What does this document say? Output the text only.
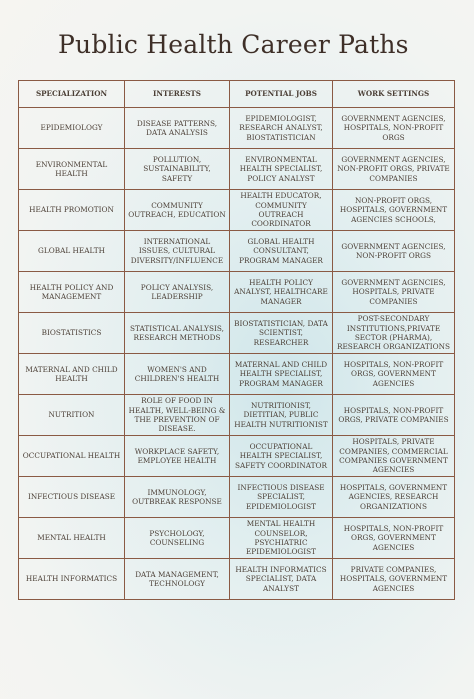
Public Health Career Paths
SPECIALIZATION	INTERESTS	POTENTIAL JOBS	WORK SETTINGS
EPIDEMIOLOGY	DISEASE PATTERNS, DATA ANALYSIS	EPIDEMIOLOGIST, RESEARCH ANALYST, BIOSTATISTICIAN	GOVERNMENT AGENCIES, HOSPITALS, NON-PROFIT ORGS
ENVIRONMENTAL HEALTH	POLLUTION, SUSTAINABILITY, SAFETY	ENVIRONMENTAL HEALTH SPECIALIST, POLICY ANALYST	GOVERNMENT AGENCIES, NON-PROFIT ORGS, PRIVATE COMPANIES
HEALTH PROMOTION	COMMUNITY OUTREACH, EDUCATION	HEALTH EDUCATOR, COMMUNITY OUTREACH COORDINATOR	NON-PROFIT ORGS, HOSPITALS, GOVERNMENT AGENCIES SCHOOLS,
GLOBAL HEALTH	INTERNATIONAL ISSUES, CULTURAL DIVERSITY/INFLUENCE	GLOBAL HEALTH CONSULTANT, PROGRAM MANAGER	GOVERNMENT AGENCIES, NON-PROFIT ORGS
HEALTH POLICY AND MANAGEMENT	POLICY ANALYSIS, LEADERSHIP	HEALTH POLICY ANALYST, HEALTHCARE MANAGER	GOVERNMENT AGENCIES, HOSPITALS, PRIVATE COMPANIES
BIOSTATISTICS	STATISTICAL ANALYSIS, RESEARCH METHODS	BIOSTATISTICIAN, DATA SCIENTIST, RESEARCHER	POST-SECONDARY INSTITUTIONS,PRIVATE SECTOR (PHARMA), RESEARCH ORGANIZATIONS
MATERNAL AND CHILD HEALTH	WOMEN'S AND CHILDREN'S HEALTH	MATERNAL AND CHILD HEALTH SPECIALIST, PROGRAM MANAGER	HOSPITALS, NON-PROFIT ORGS, GOVERNMENT AGENCIES
NUTRITION	ROLE OF FOOD IN HEALTH, WELL-BEING & THE PREVENTION OF DISEASE.	NUTRITIONIST, DIETITIAN, PUBLIC HEALTH NUTRITIONIST	HOSPITALS, NON-PROFIT ORGS, PRIVATE COMPANIES
OCCUPATIONAL HEALTH	WORKPLACE SAFETY, EMPLOYEE HEALTH	OCCUPATIONAL HEALTH SPECIALIST, SAFETY COORDINATOR	HOSPITALS, PRIVATE COMPANIES, COMMERCIAL COMPANIES GOVERNMENT AGENCIES
INFECTIOUS DISEASE	IMMUNOLOGY, OUTBREAK RESPONSE	INFECTIOUS DISEASE SPECIALIST, EPIDEMIOLOGIST	HOSPITALS, GOVERNMENT AGENCIES, RESEARCH ORGANIZATIONS
MENTAL HEALTH	PSYCHOLOGY, COUNSELING	MENTAL HEALTH COUNSELOR, PSYCHIATRIC EPIDEMIOLOGIST	HOSPITALS, NON-PROFIT ORGS, GOVERNMENT AGENCIES
HEALTH INFORMATICS	DATA MANAGEMENT, TECHNOLOGY	HEALTH INFORMATICS SPECIALIST, DATA ANALYST	PRIVATE COMPANIES, HOSPITALS, GOVERNMENT AGENCIES
